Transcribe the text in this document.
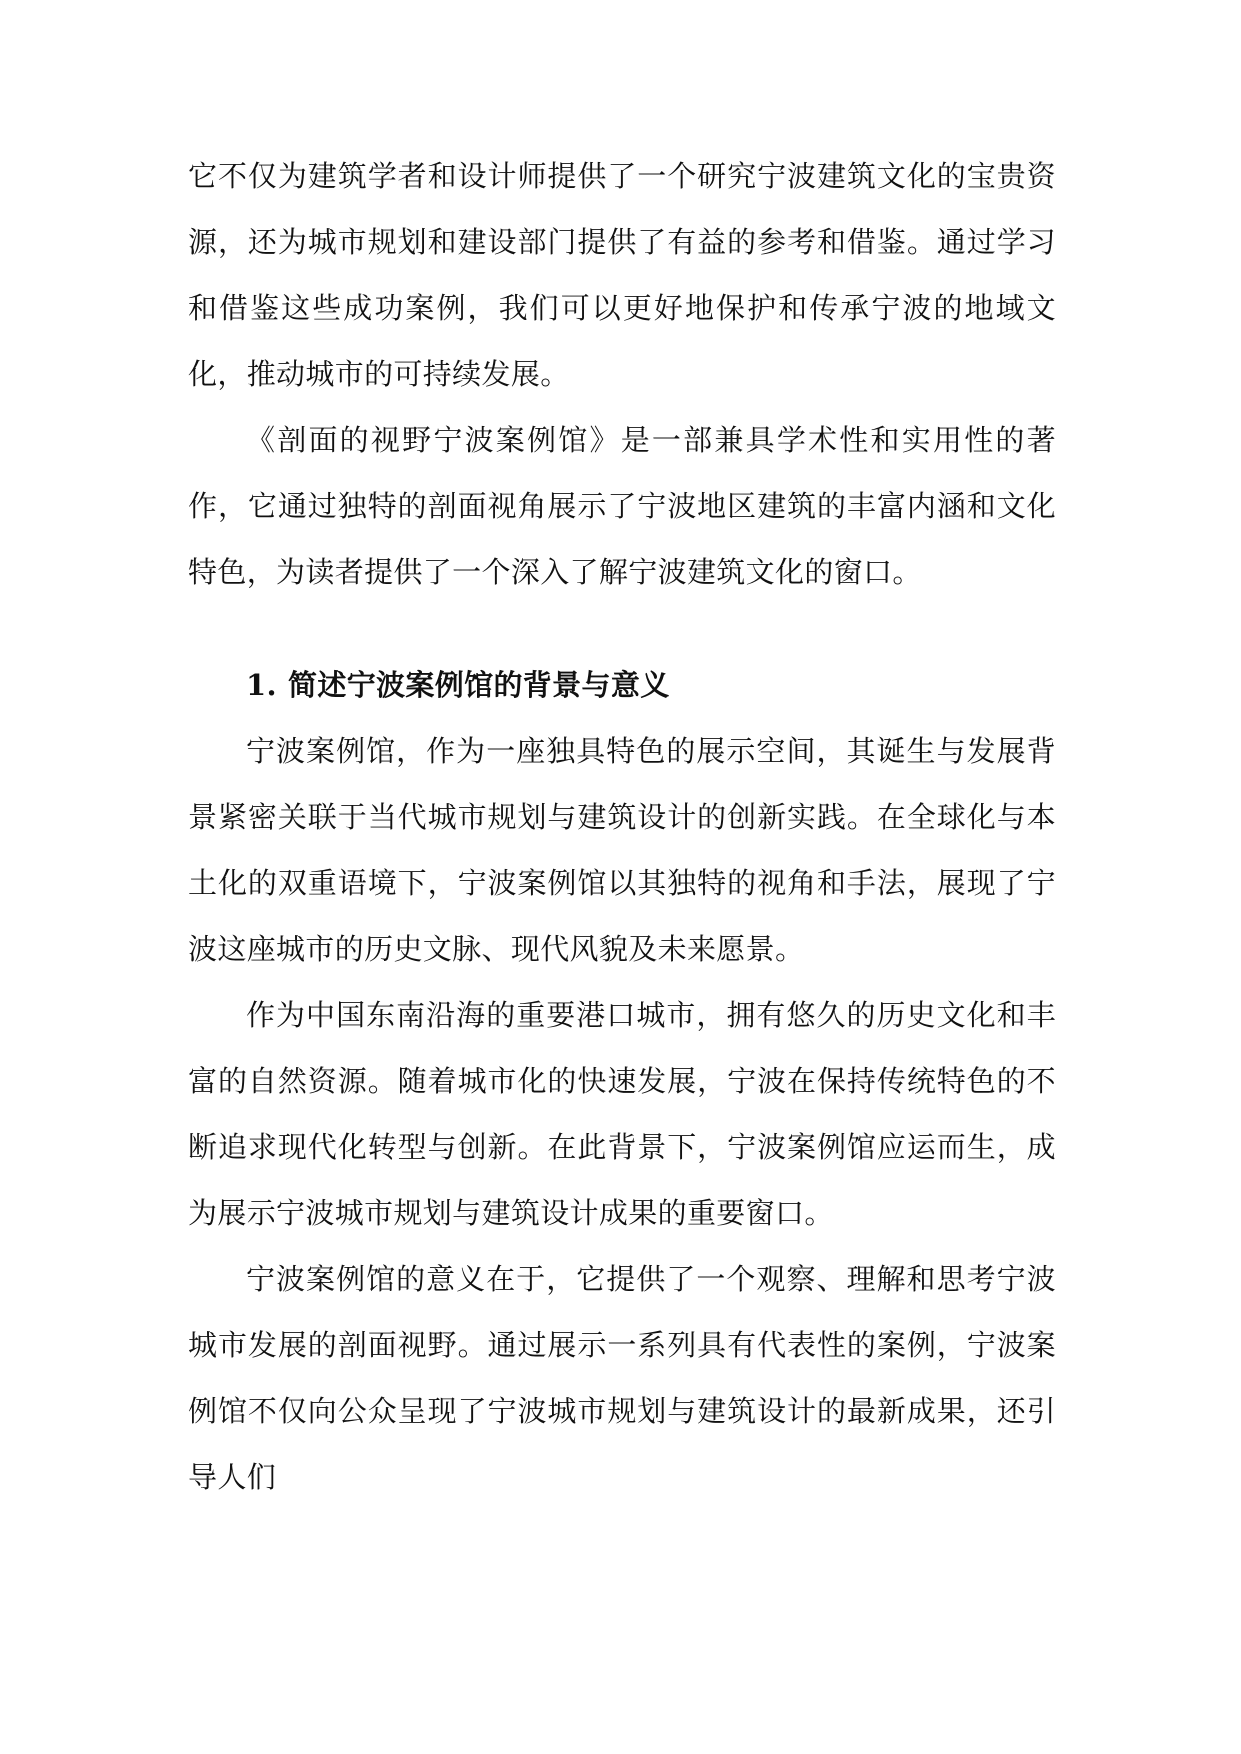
它不仅为建筑学者和设计师提供了一个研究宁波建筑文化的宝贵资源，还为城市规划和建设部门提供了有益的参考和借鉴。通过学习和借鉴这些成功案例，我们可以更好地保护和传承宁波的地域文化，推动城市的可持续发展。

《剖面的视野宁波案例馆》是一部兼具学术性和实用性的著作，它通过独特的剖面视角展示了宁波地区建筑的丰富内涵和文化特色，为读者提供了一个深入了解宁波建筑文化的窗口。

1. 简述宁波案例馆的背景与意义

宁波案例馆，作为一座独具特色的展示空间，其诞生与发展背景紧密关联于当代城市规划与建筑设计的创新实践。在全球化与本土化的双重语境下，宁波案例馆以其独特的视角和手法，展现了宁波这座城市的历史文脉、现代风貌及未来愿景。

作为中国东南沿海的重要港口城市，拥有悠久的历史文化和丰富的自然资源。随着城市化的快速发展，宁波在保持传统特色的不断追求现代化转型与创新。在此背景下，宁波案例馆应运而生，成为展示宁波城市规划与建筑设计成果的重要窗口。

宁波案例馆的意义在于，它提供了一个观察、理解和思考宁波城市发展的剖面视野。通过展示一系列具有代表性的案例，宁波案例馆不仅向公众呈现了宁波城市规划与建筑设计的最新成果，还引导人们
